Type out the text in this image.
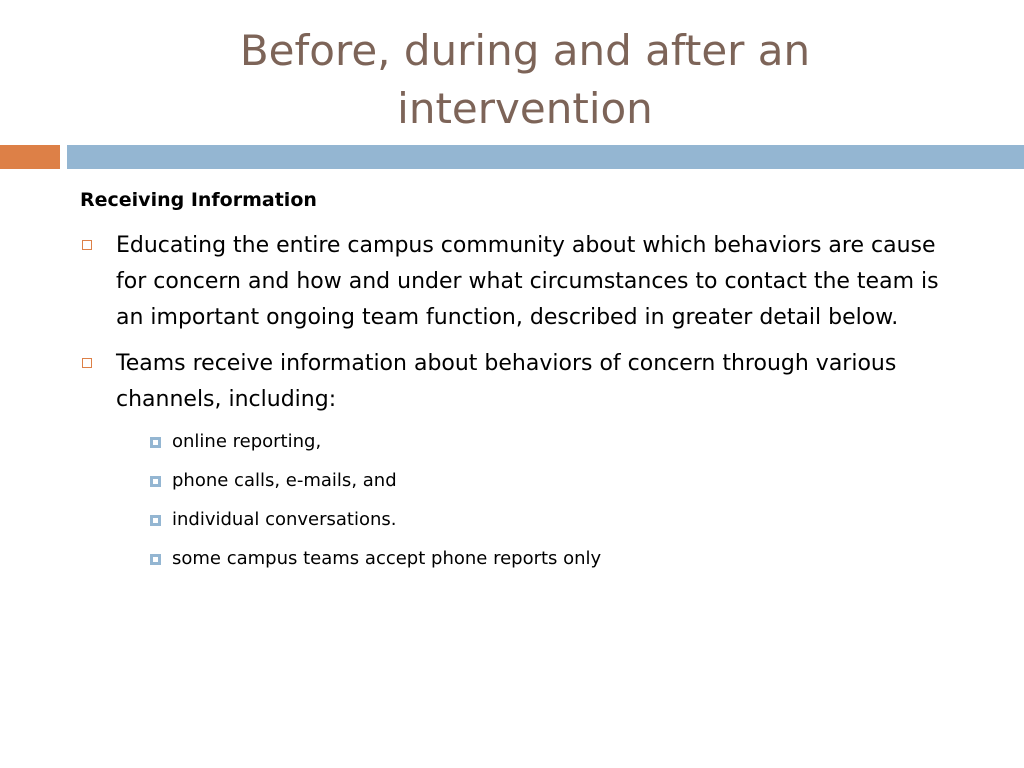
Before, during and after an
intervention
Receiving Information
Educating the entire campus community about which behaviors are cause for concern and how and under what circumstances to contact the team is an important ongoing team function, described in greater detail below.
Teams receive information about behaviors of concern through various channels, including:
online reporting,
phone calls, e-mails, and
individual conversations.
some campus teams accept phone reports only
